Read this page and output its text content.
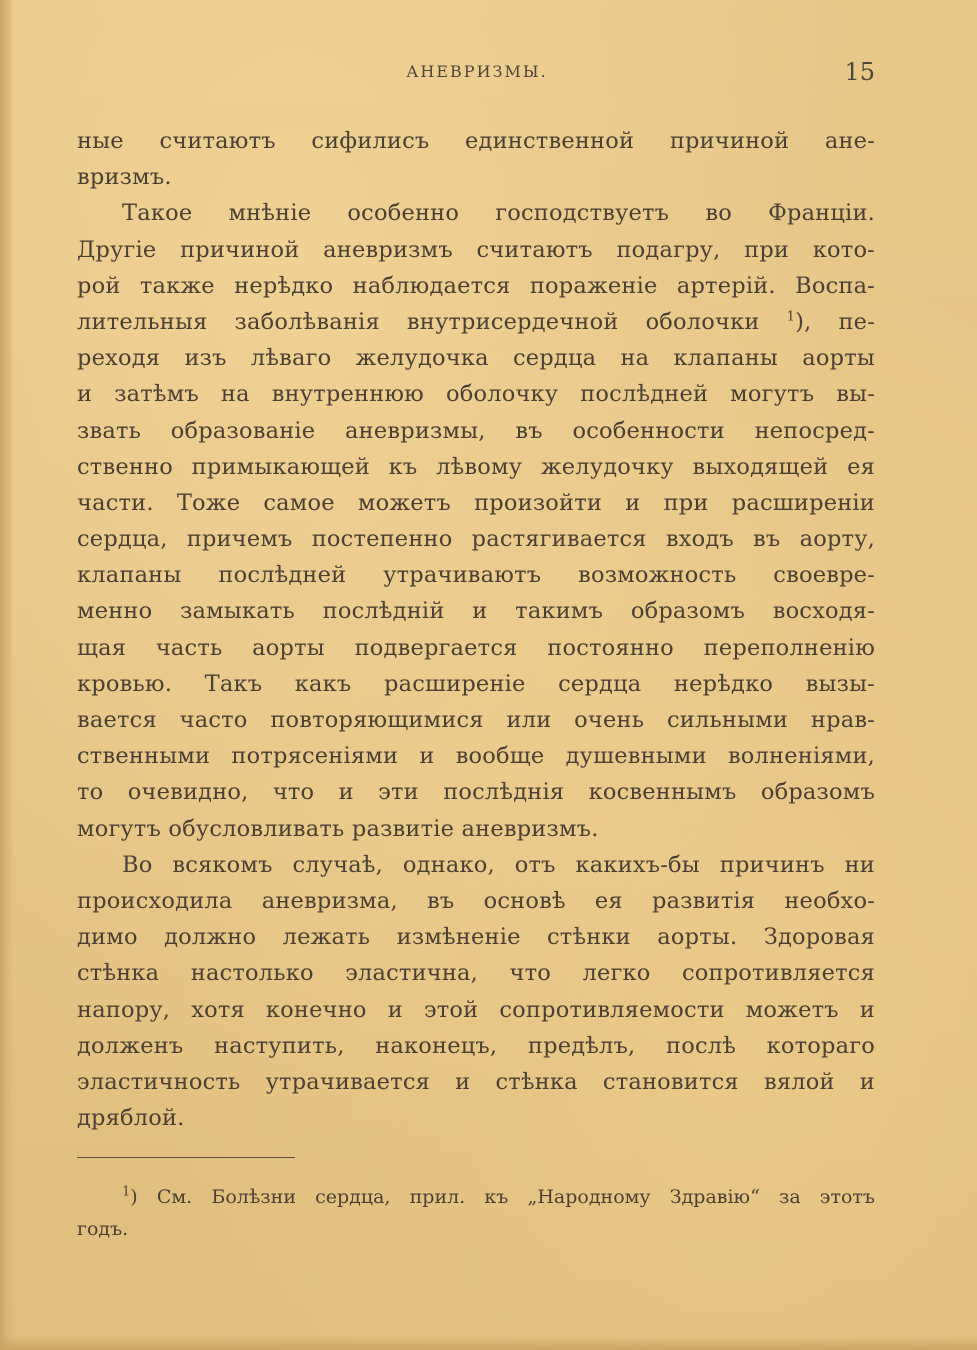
АНЕВРИЗМЫ.	15
ные считаютъ сифилисъ единственной причиной ане-
вризмъ.
Такое мнѣніе особенно господствуетъ во Франціи.
Другіе причиной аневризмъ считаютъ подагру, при кото-
рой также нерѣдко наблюдается пораженіе артерій. Воспа-
лительныя заболѣванія внутрисердечной оболочки $^1$), пе-
реходя изъ лѣваго желудочка сердца на клапаны аорты
и затѣмъ на внутреннюю оболочку послѣдней могутъ вы-
звать образованіе аневризмы, въ особенности непосред-
ственно примыкающей къ лѣвому желудочку выходящей ея
части. Тоже самое можетъ произойти и при расширеніи
сердца, причемъ постепенно растягивается входъ въ аорту,
клапаны послѣдней утрачиваютъ возможность своевре-
менно замыкать послѣдній и такимъ образомъ восходя-
щая часть аорты подвергается постоянно переполненію
кровью. Такъ какъ расширеніе сердца нерѣдко вызы-
вается часто повторяющимися или очень сильными нрав-
ственными потрясеніями и вообще душевными волненіями,
то очевидно, что и эти послѣднія косвеннымъ образомъ
могутъ обусловливать развитіе аневризмъ.
Во всякомъ случаѣ, однако, отъ какихъ-бы причинъ ни
происходила аневризма, въ основѣ ея развитія необхо-
димо должно лежать измѣненіе стѣнки аорты. Здоровая
стѣнка настолько эластична, что легко сопротивляется
напору, хотя конечно и этой сопротивляемости можетъ и
долженъ наступить, наконецъ, предѣлъ, послѣ котораго
эластичность утрачивается и стѣнка становится вялой и
дряблой.
$^1$) См. Болѣзни сердца, прил. къ „Народному Здравію“ за этотъ
годъ.
